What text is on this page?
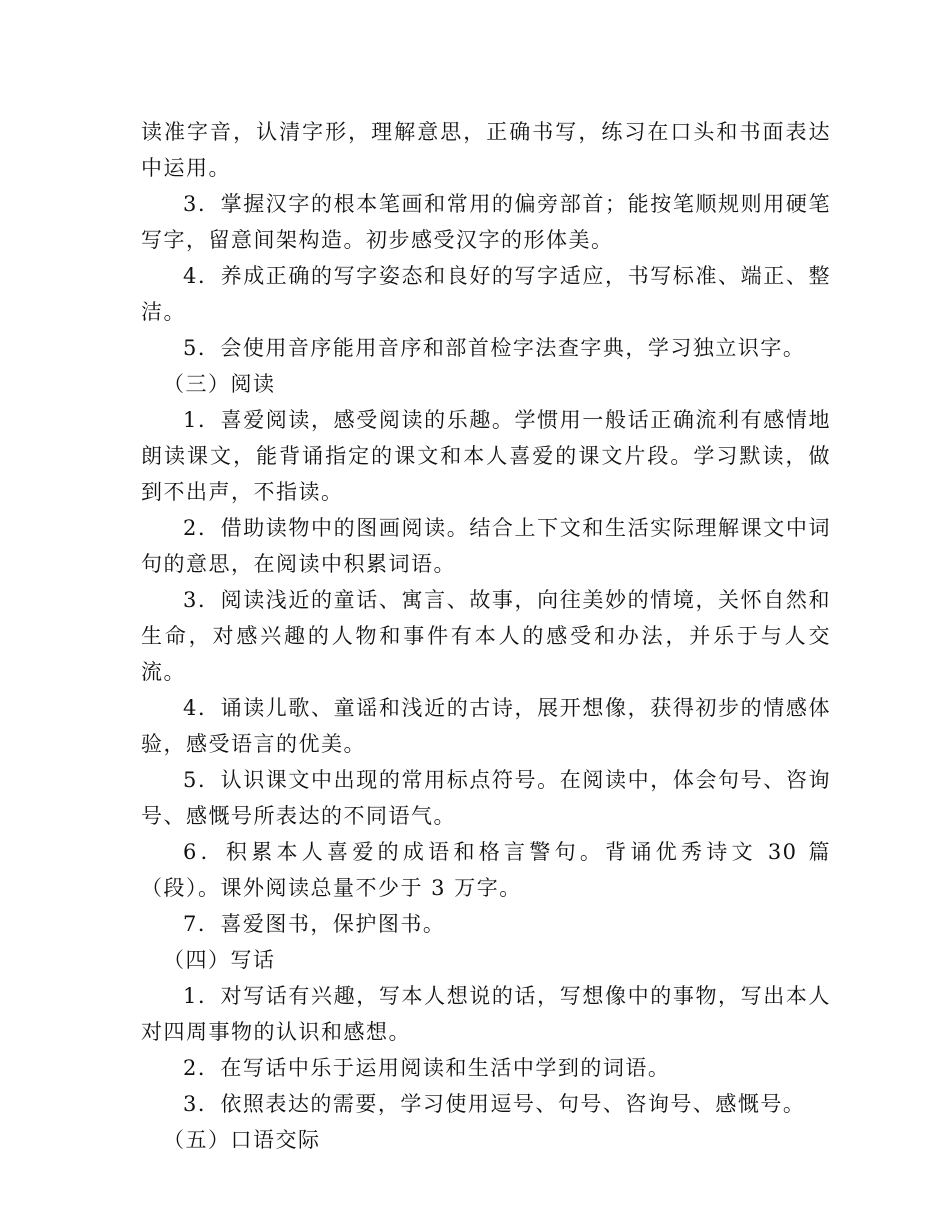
读准字音，认清字形，理解意思，正确书写，练习在口头和书面表达中运用。

3．掌握汉字的根本笔画和常用的偏旁部首；能按笔顺规则用硬笔写字，留意间架构造。初步感受汉字的形体美。

4．养成正确的写字姿态和良好的写字适应，书写标准、端正、整洁。

5．会使用音序能用音序和部首检字法查字典，学习独立识字。

（三）阅读

1．喜爱阅读，感受阅读的乐趣。学惯用一般话正确流利有感情地朗读课文，能背诵指定的课文和本人喜爱的课文片段。学习默读，做到不出声，不指读。

2．借助读物中的图画阅读。结合上下文和生活实际理解课文中词句的意思，在阅读中积累词语。

3．阅读浅近的童话、寓言、故事，向往美妙的情境，关怀自然和生命，对感兴趣的人物和事件有本人的感受和办法，并乐于与人交流。

4．诵读儿歌、童谣和浅近的古诗，展开想像，获得初步的情感体验，感受语言的优美。

5．认识课文中出现的常用标点符号。在阅读中，体会句号、咨询号、感慨号所表达的不同语气。

6．积累本人喜爱的成语和格言警句。背诵优秀诗文 30 篇（段）。课外阅读总量不少于 3 万字。

7．喜爱图书，保护图书。

（四）写话

1．对写话有兴趣，写本人想说的话，写想像中的事物，写出本人对四周事物的认识和感想。

2．在写话中乐于运用阅读和生活中学到的词语。

3．依照表达的需要，学习使用逗号、句号、咨询号、感慨号。

（五）口语交际
